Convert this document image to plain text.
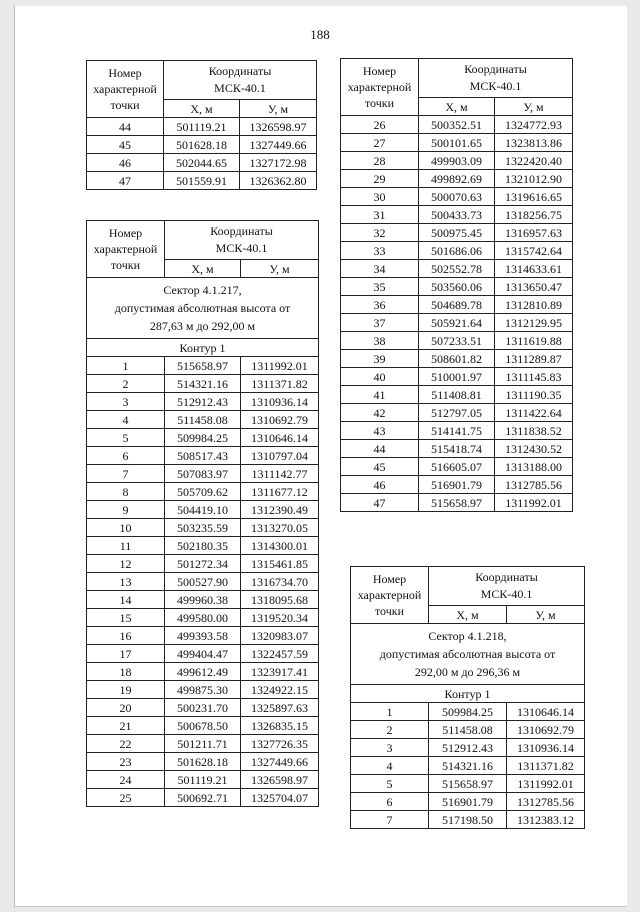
188
Номер
характерной
точки	Координаты
МСК-40.1	

	Х, м	У, м
44	501119.21	1326598.97
45	501628.18	1327449.66
46	502044.65	1327172.98
47	501559.91	1326362.80
Номер
характерной
точки	Координаты
МСК-40.1	

	Х, м	У, м

Сектор 4.1.217,
допустимая абсолютная высота от
287,63 м до 292,00 м		

Контур 1		
1	515658.97	1311992.01
2	514321.16	1311371.82
3	512912.43	1310936.14
4	511458.08	1310692.79
5	509984.25	1310646.14
6	508517.43	1310797.04
7	507083.97	1311142.77
8	505709.62	1311677.12
9	504419.10	1312390.49
10	503235.59	1313270.05
11	502180.35	1314300.01
12	501272.34	1315461.85
13	500527.90	1316734.70
14	499960.38	1318095.68
15	499580.00	1319520.34
16	499393.58	1320983.07
17	499404.47	1322457.59
18	499612.49	1323917.41
19	499875.30	1324922.15
20	500231.70	1325897.63
21	500678.50	1326835.15
22	501211.71	1327726.35
23	501628.18	1327449.66
24	501119.21	1326598.97
25	500692.71	1325704.07
Номер
характерной
точки	Координаты
МСК-40.1	

	Х, м	У, м
26	500352.51	1324772.93
27	500101.65	1323813.86
28	499903.09	1322420.40
29	499892.69	1321012.90
30	500070.63	1319616.65
31	500433.73	1318256.75
32	500975.45	1316957.63
33	501686.06	1315742.64
34	502552.78	1314633.61
35	503560.06	1313650.47
36	504689.78	1312810.89
37	505921.64	1312129.95
38	507233.51	1311619.88
39	508601.82	1311289.87
40	510001.97	1311145.83
41	511408.81	1311190.35
42	512797.05	1311422.64
43	514141.75	1311838.52
44	515418.74	1312430.52
45	516605.07	1313188.00
46	516901.79	1312785.56
47	515658.97	1311992.01
Номер
характерной
точки	Координаты
МСК-40.1	

	Х, м	У, м

Сектор 4.1.218,
допустимая абсолютная высота от
292,00 м до 296,36 м		

Контур 1		
1	509984.25	1310646.14
2	511458.08	1310692.79
3	512912.43	1310936.14
4	514321.16	1311371.82
5	515658.97	1311992.01
6	516901.79	1312785.56
7	517198.50	1312383.12
